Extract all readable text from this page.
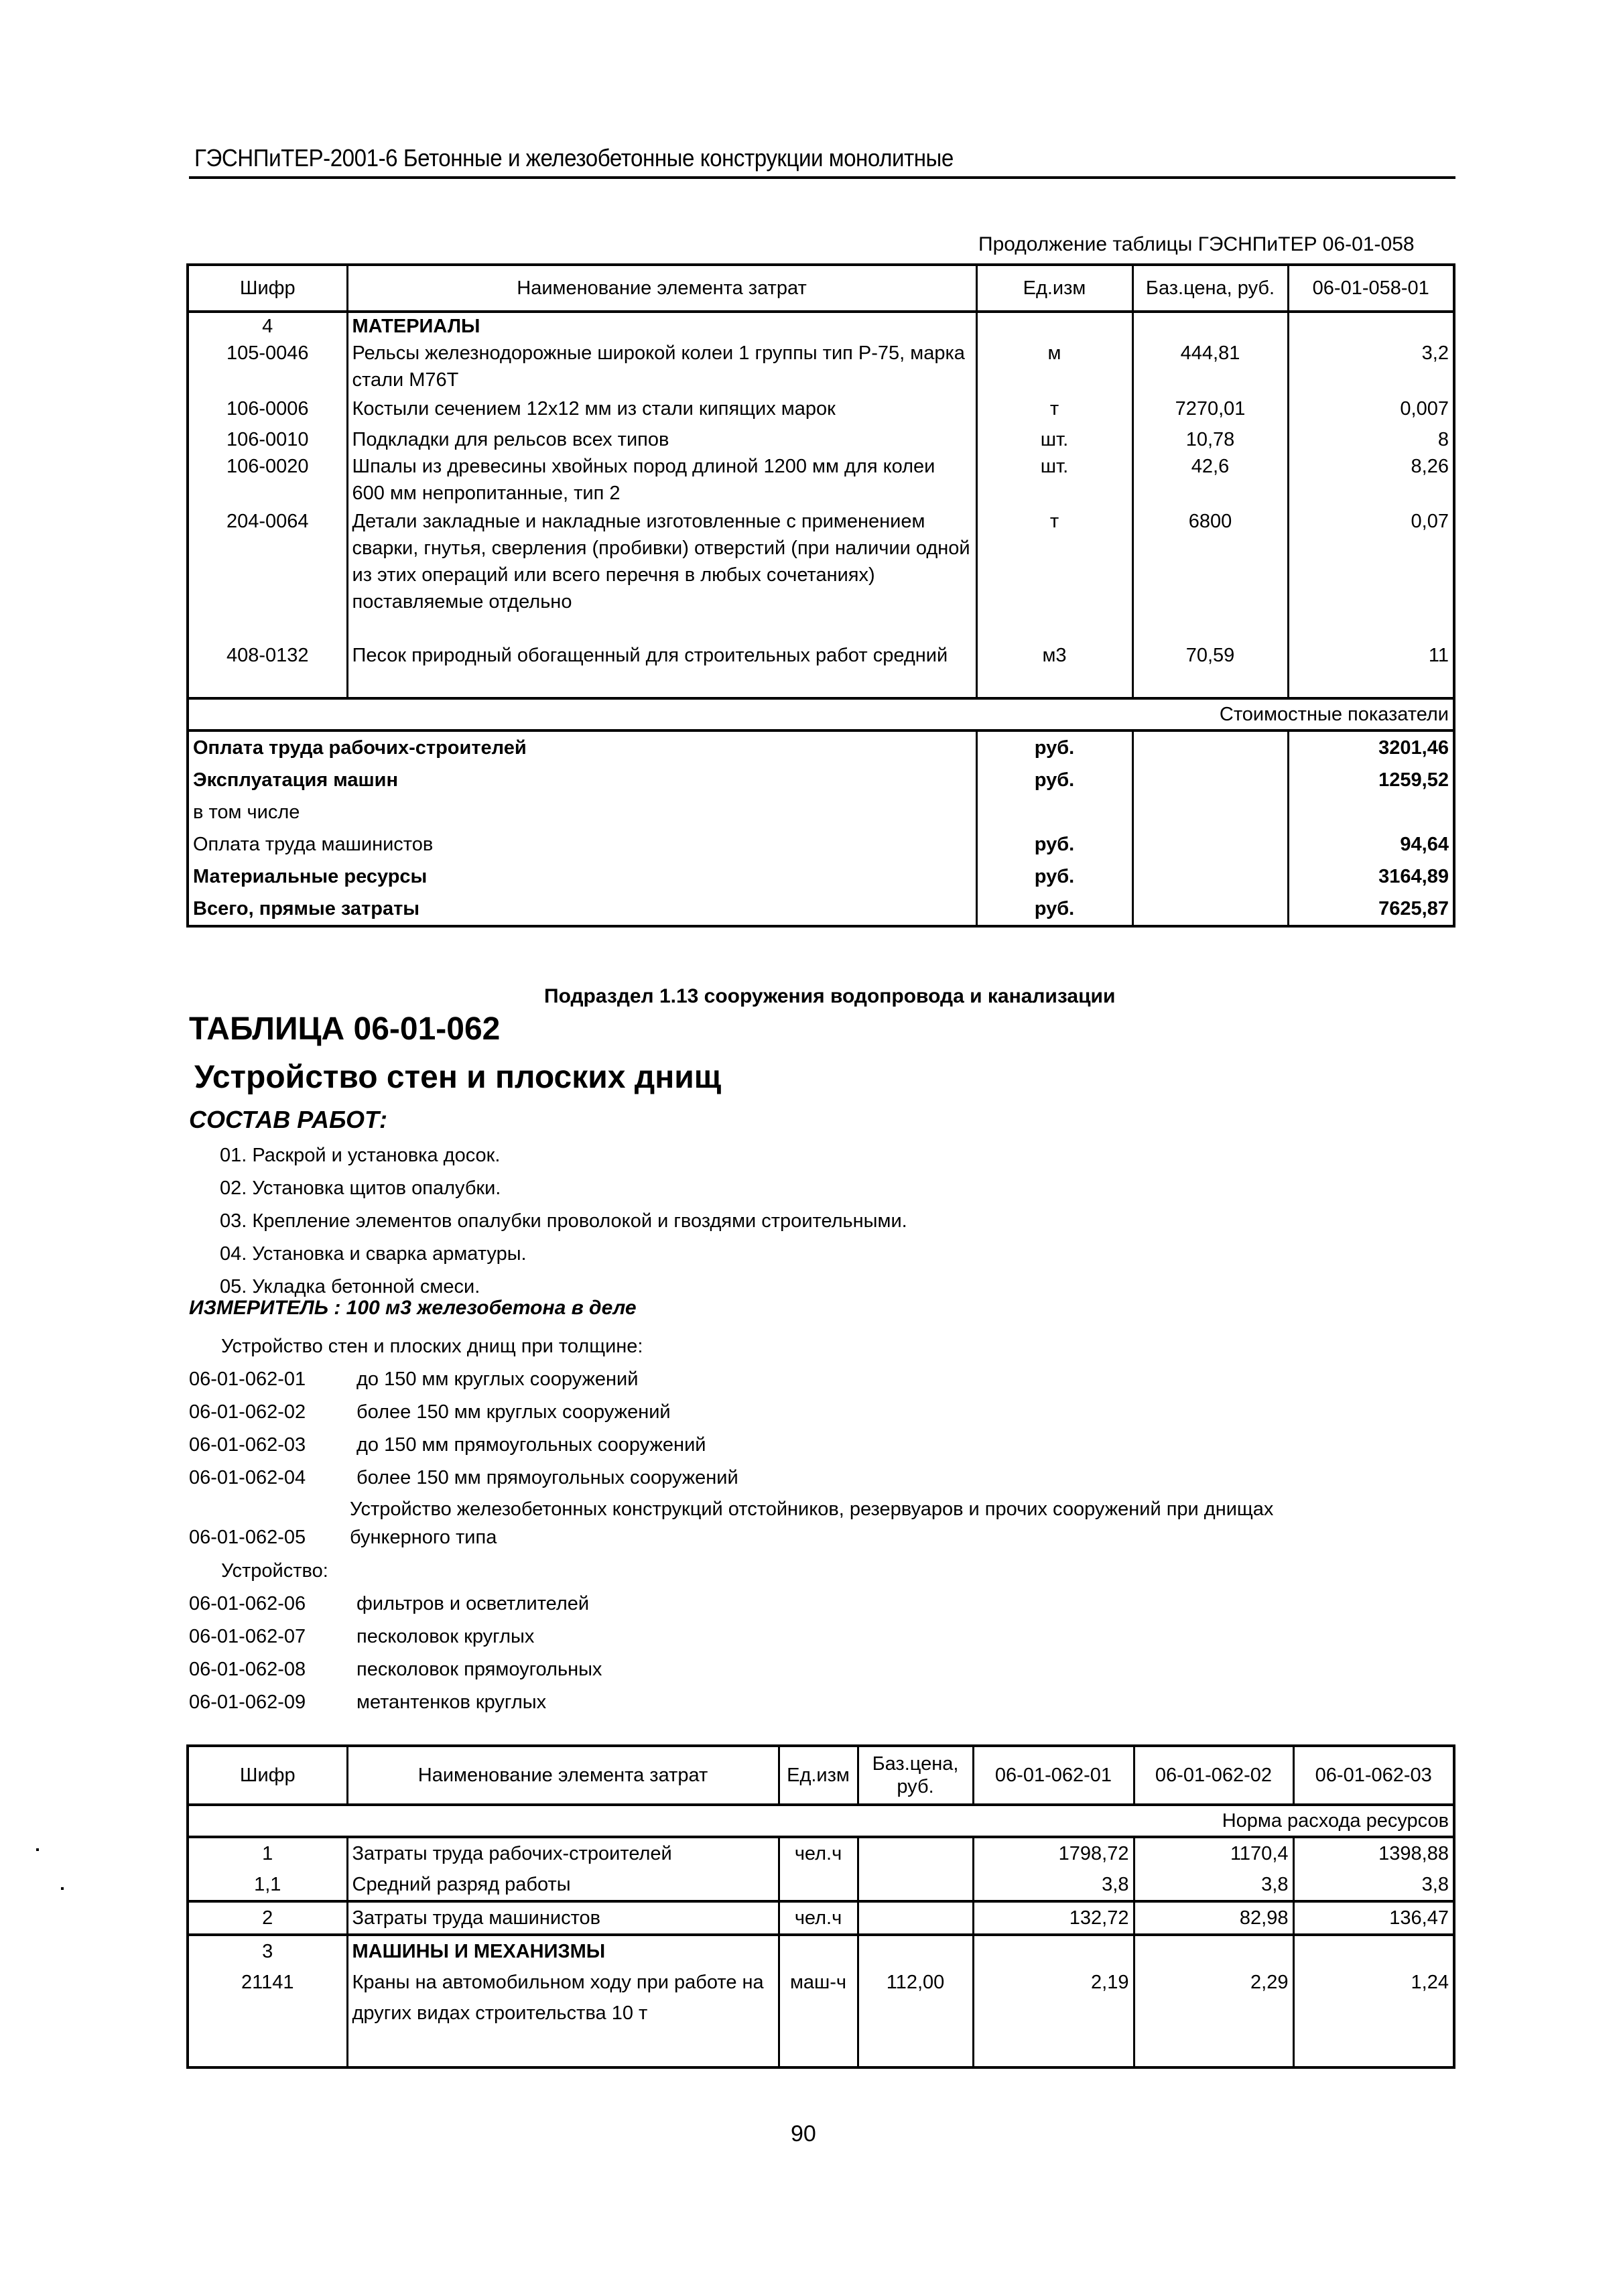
ГЭСНПиТЕР-2001-6 Бетонные и железобетонные конструкции монолитные
Продолжение таблицы ГЭСНПиТЕР 06-01-058
Шифр	Наименование элемента затрат	Ед.изм	Баз.цена, руб.	06-01-058-01
4	МАТЕРИАЛЫ			
105-0046	Рельсы железнодорожные широкой колеи 1 группы тип Р-75, марка стали М76Т	м	444,81	3,2
106-0006	Костыли сечением 12х12 мм из стали кипящих марок	т	7270,01	0,007
106-0010	Подкладки для рельсов всех типов	шт.	10,78	8
106-0020	Шпалы из древесины хвойных пород длиной 1200 мм для колеи 600 мм непропитанные, тип 2	шт.	42,6	8,26
204-0064	Детали закладные и накладные изготовленные с применением сварки, гнутья, сверления (пробивки) отверстий (при наличии одной из этих операций или всего перечня в любых сочетаниях) поставляемые отдельно	т	6800	0,07
408-0132	Песок природный обогащенный для строительных работ средний	м3	70,59	11
Стоимостные показатели				
Оплата труда рабочих-строителей		руб.		3201,46
Эксплуатация машин		руб.		1259,52
в том числе				
Оплата труда машинистов		руб.		94,64
Материальные ресурсы		руб.		3164,89
Всего, прямые затраты		руб.		7625,87
Подраздел 1.13 сооружения водопровода и канализации
ТАБЛИЦА 06-01-062
Устройство стен и плоских днищ
СОСТАВ РАБОТ:
01. Раскрой и установка досок.
02. Установка щитов опалубки.
03. Крепление элементов опалубки проволокой и гвоздями строительными.
04. Установка и сварка арматуры.
05. Укладка бетонной смеси.
ИЗМЕРИТЕЛЬ : 100 м3 железобетона в деле
Устройство стен и плоских днищ при толщине:
06-01-062-01	до 150 мм круглых сооружений
06-01-062-02	более 150 мм круглых сооружений
06-01-062-03	до 150 мм прямоугольных сооружений
06-01-062-04	более 150 мм прямоугольных сооружений
Устройство железобетонных конструкций отстойников, резервуаров и прочих сооружений при днищах
06-01-062-05 бункерного типа
Устройство:
06-01-062-06	фильтров и осветлителей
06-01-062-07	песколовок круглых
06-01-062-08	песколовок прямоугольных
06-01-062-09	метантенков круглых
Шифр	Наименование элемента затрат	Ед.изм	Баз.цена, руб.	06-01-062-01	06-01-062-02	06-01-062-03
Норма расхода ресурсов						
1	Затраты труда рабочих-строителей	чел.ч		1798,72	1170,4	1398,88
1,1	Средний разряд работы			3,8	3,8	3,8
2	Затраты труда машинистов	чел.ч		132,72	82,98	136,47
3	МАШИНЫ И МЕХАНИЗМЫ					
21141	Краны на автомобильном ходу при работе на других видах строительства 10 т	маш-ч	112,00	2,19	2,29	1,24
90
